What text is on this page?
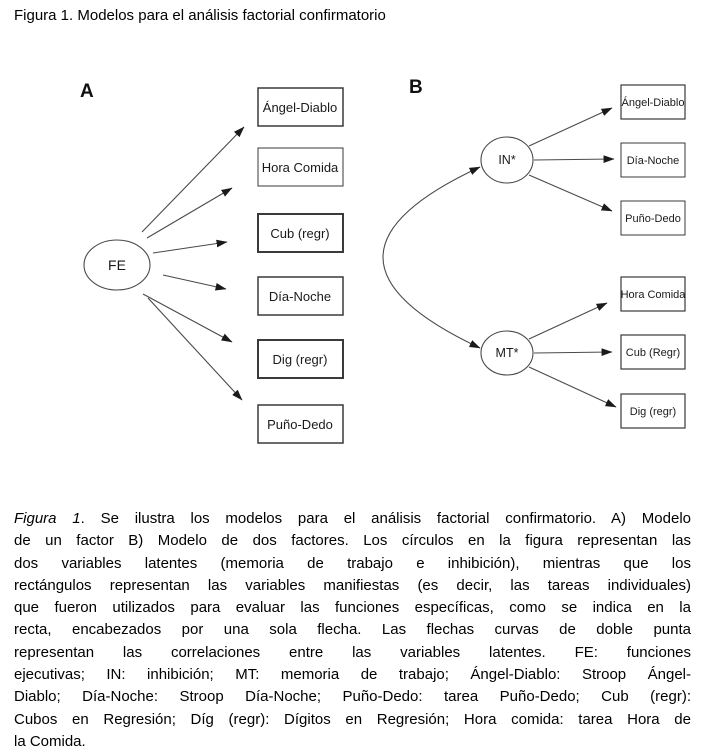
Figura 1. Modelos para el análisis factorial confirmatorio
A
FE
Ángel-Diablo
Hora Comida
Cub (regr)
Día-Noche
Dig (regr)
Puño-Dedo
B
IN*
MT*
Ángel-Diablo
Día-Noche
Puño-Dedo
Hora Comida
Cub (Regr)
Dig (regr)

Figura 1. Se ilustra los modelos para el análisis factorial confirmatorio. A) Modelo

de un factor B) Modelo de dos factores. Los círculos en la figura representan las

dos variables latentes (memoria de trabajo e inhibición), mientras que los

rectángulos representan las variables manifiestas (es decir, las tareas individuales)

que fueron utilizados para evaluar las funciones específicas, como se indica en la

recta, encabezados por una sola flecha. Las flechas curvas de doble punta

representan las correlaciones entre las variables latentes. FE: funciones

ejecutivas; IN: inhibición; MT: memoria de trabajo; Ángel-Diablo: Stroop Ángel-

Diablo; Día-Noche: Stroop Día-Noche; Puño-Dedo: tarea Puño-Dedo; Cub (regr):

Cubos en Regresión; Díg (regr): Dígitos en Regresión; Hora comida: tarea Hora de

la Comida.
